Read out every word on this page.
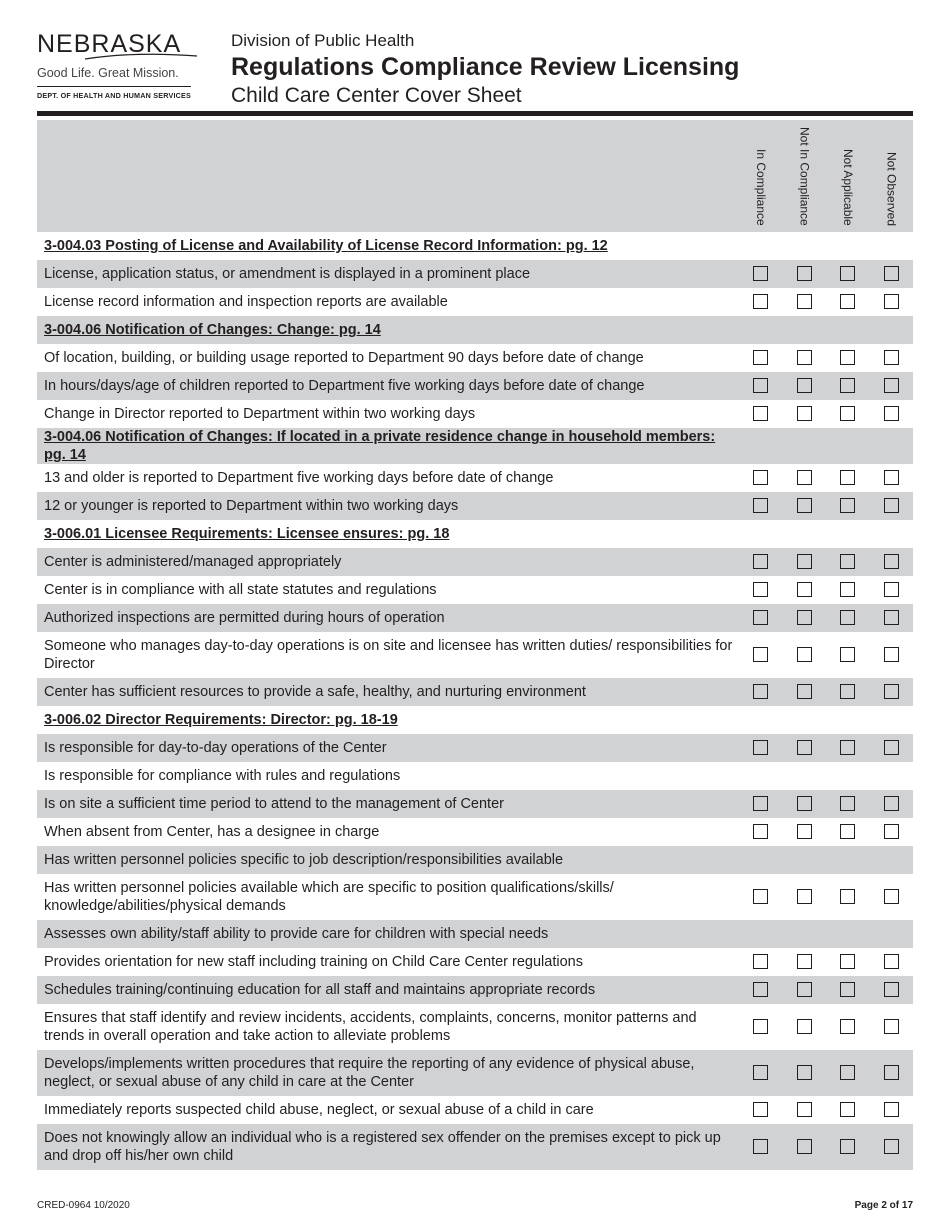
NEBRASKA
Good Life. Great Mission.
DEPT. OF HEALTH AND HUMAN SERVICES
Division of Public Health
Regulations Compliance Review Licensing
Child Care Center Cover Sheet

	In Compliance	Not In Compliance	Not Applicable	Not Observed

3-004.03 Posting of License and Availability of License Record Information: pg. 12				
License, application status, or amendment is displayed in a prominent place				
License record information and inspection reports are available				
3-004.06 Notification of Changes: Change: pg. 14				
Of location, building, or building usage reported to Department 90 days before date of change				
In hours/days/age of children reported to Department five working days before date of change				
Change in Director reported to Department within two working days				
3-004.06 Notification of Changes: If located in a private residence change in household members: pg. 14				
13 and older is reported to Department five working days before date of change				
12 or younger is reported to Department within two working days				
3-006.01 Licensee Requirements: Licensee ensures: pg. 18				
Center is administered/managed appropriately				
Center is in compliance with all state statutes and regulations				
Authorized inspections are permitted during hours of operation				
Someone who manages day-to-day operations is on site and licensee has written duties/ responsibilities for Director				
Center has sufficient resources to provide a safe, healthy, and nurturing environment				
3-006.02 Director Requirements: Director: pg. 18-19				
Is responsible for day-to-day operations of the Center				
Is responsible for compliance with rules and regulations				
Is on site a sufficient time period to attend to the management of Center				
When absent from Center, has a designee in charge				
Has written personnel policies specific to job description/responsibilities available				
Has written personnel policies available which are specific to position qualifications/skills/ knowledge/abilities/physical demands				
Assesses own ability/staff ability to provide care for children with special needs				
Provides orientation for new staff including training on Child Care Center regulations				
Schedules training/continuing education for all staff and maintains appropriate records				
Ensures that staff identify and review incidents, accidents, complaints, concerns, monitor patterns and trends in overall operation and take action to alleviate problems				
Develops/implements written procedures that require the reporting of any evidence of physical abuse, neglect, or sexual abuse of any child in care at the Center				
Immediately reports suspected child abuse, neglect, or sexual abuse of a child in care				
Does not knowingly allow an individual who is a registered sex offender on the premises except to pick up and drop off his/her own child				
CRED-0964 10/2020	Page 2 of 17
